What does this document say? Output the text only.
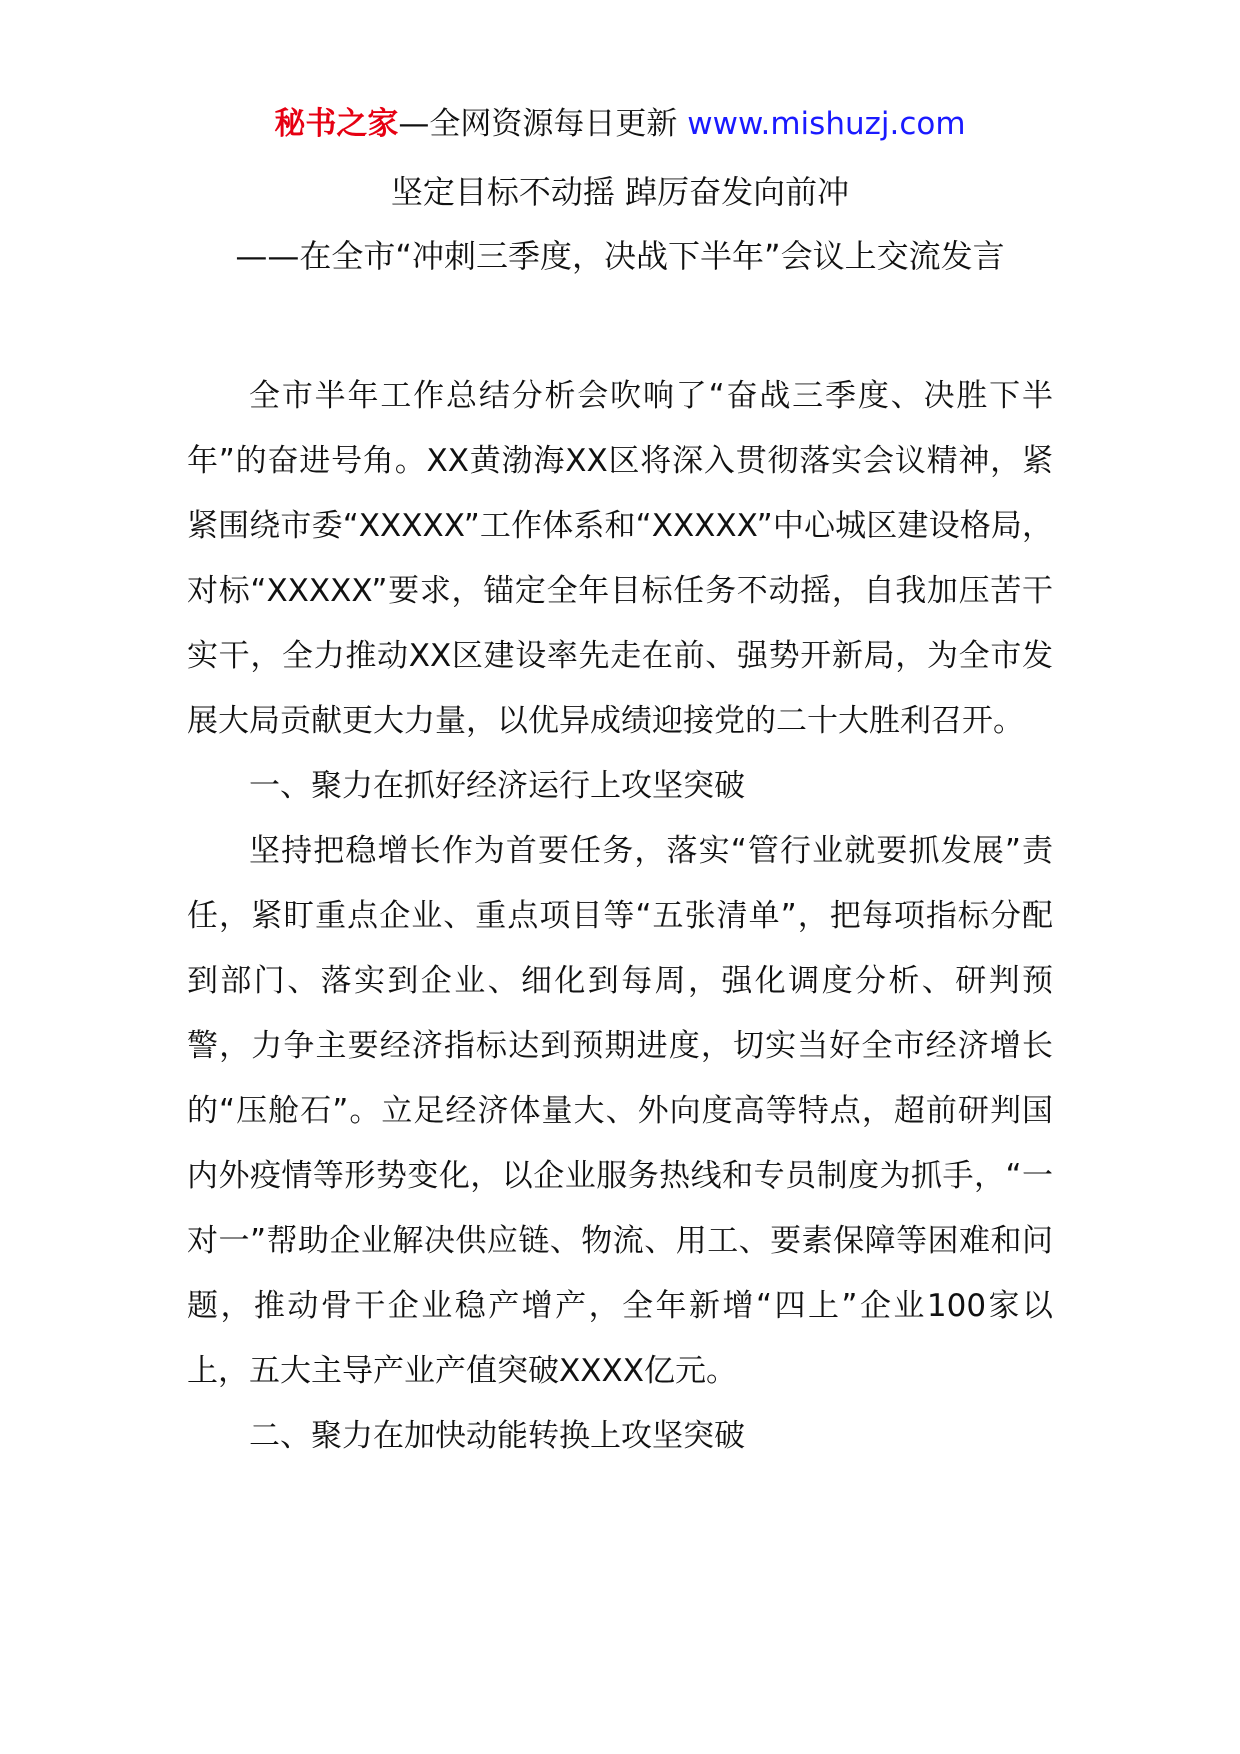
秘书之家—全网资源每日更新 www.mishuzj.com
坚定目标不动摇 踔厉奋发向前冲
——在全市“冲刺三季度，决战下半年”会议上交流发言

全市半年工作总结分析会吹响了“奋战三季度、决胜下半年”的奋进号角。XX黄渤海XX区将深入贯彻落实会议精神，紧紧围绕市委“XXXXX”工作体系和“XXXXX”中心城区建设格局，对标“XXXXX”要求，锚定全年目标任务不动摇，自我加压苦干实干，全力推动XX区建设率先走在前、强势开新局，为全市发展大局贡献更大力量，以优异成绩迎接党的二十大胜利召开。

一、聚力在抓好经济运行上攻坚突破

坚持把稳增长作为首要任务，落实“管行业就要抓发展”责任，紧盯重点企业、重点项目等“五张清单”，把每项指标分配到部门、落实到企业、细化到每周，强化调度分析、研判预警，力争主要经济指标达到预期进度，切实当好全市经济增长的“压舱石”。立足经济体量大、外向度高等特点，超前研判国内外疫情等形势变化，以企业服务热线和专员制度为抓手，“一对一”帮助企业解决供应链、物流、用工、要素保障等困难和问题，推动骨干企业稳产增产，全年新增“四上”企业100家以上，五大主导产业产值突破XXXX亿元。

二、聚力在加快动能转换上攻坚突破
